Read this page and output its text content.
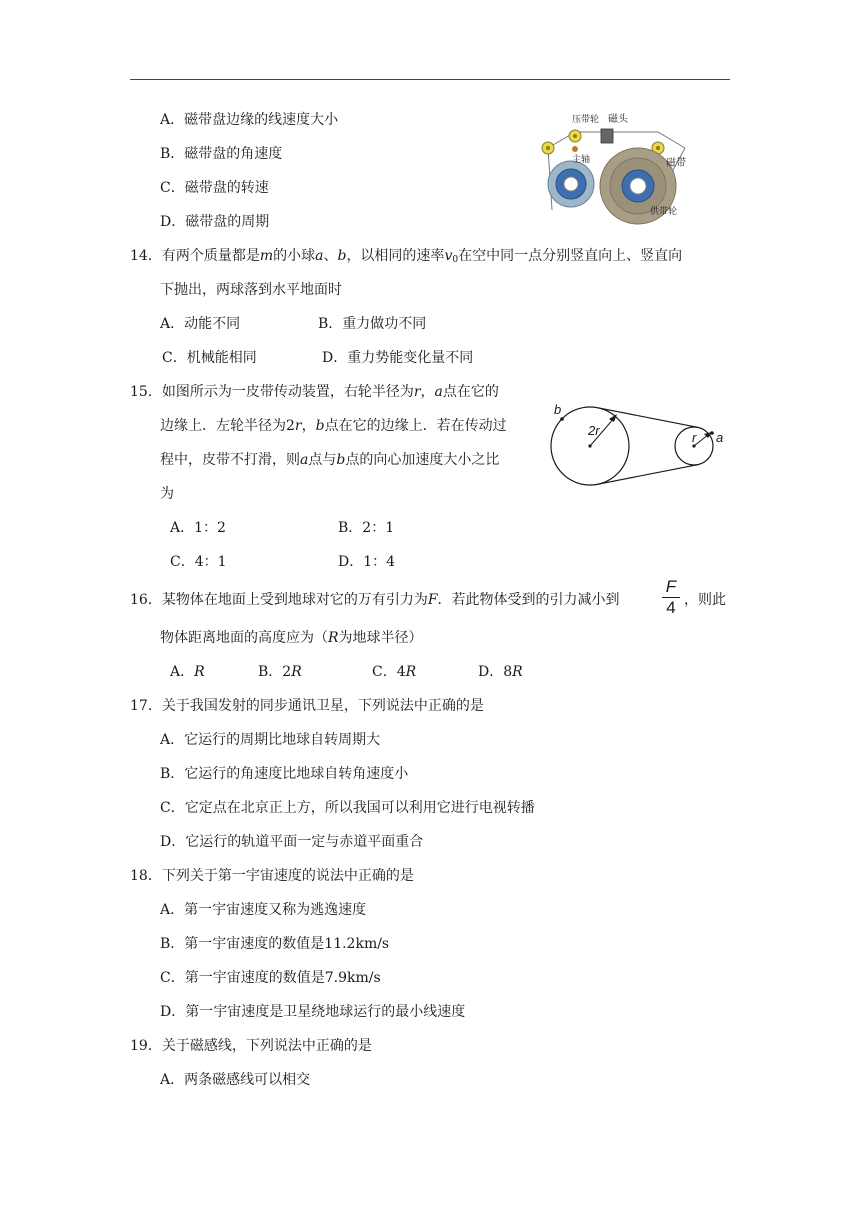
A．磁带盘边缘的线速度大小
B．磁带盘的角速度
C．磁带盘的转速
D．磁带盘的周期
压带轮 磁头
主轴	磁带
供带轮
14．有两个质量都是m的小球a、b，以相同的速率$v_0$在空中同一点分别竖直向上、竖直向
下抛出，两球落到水平地面时
A．动能不同	B．重力做功不同
C．机械能相同	D．重力势能变化量不同
15．如图所示为一皮带传动装置，右轮半径为r，a点在它的
边缘上．左轮半径为2r，b点在它的边缘上．若在传动过
程中，皮带不打滑，则a点与b点的向心加速度大小之比
为
A．1：2	B．2：1
C．4：1	D．1：4
b
2r	r a
16．某物体在地面上受到地球对它的万有引力为F．若此物体受到的引力减小到
F
4 ，则此
物体距离地面的高度应为（R为地球半径）
A．R	B．2R	C．4R	D．8R
17．关于我国发射的同步通讯卫星，下列说法中正确的是
A．它运行的周期比地球自转周期大
B．它运行的角速度比地球自转角速度小
C．它定点在北京正上方，所以我国可以利用它进行电视转播
D．它运行的轨道平面一定与赤道平面重合
18．下列关于第一宇宙速度的说法中正确的是
A．第一宇宙速度又称为逃逸速度
B．第一宇宙速度的数值是11.2km/s
C．第一宇宙速度的数值是7.9km/s
D．第一宇宙速度是卫星绕地球运行的最小线速度
19．关于磁感线，下列说法中正确的是
A．两条磁感线可以相交
